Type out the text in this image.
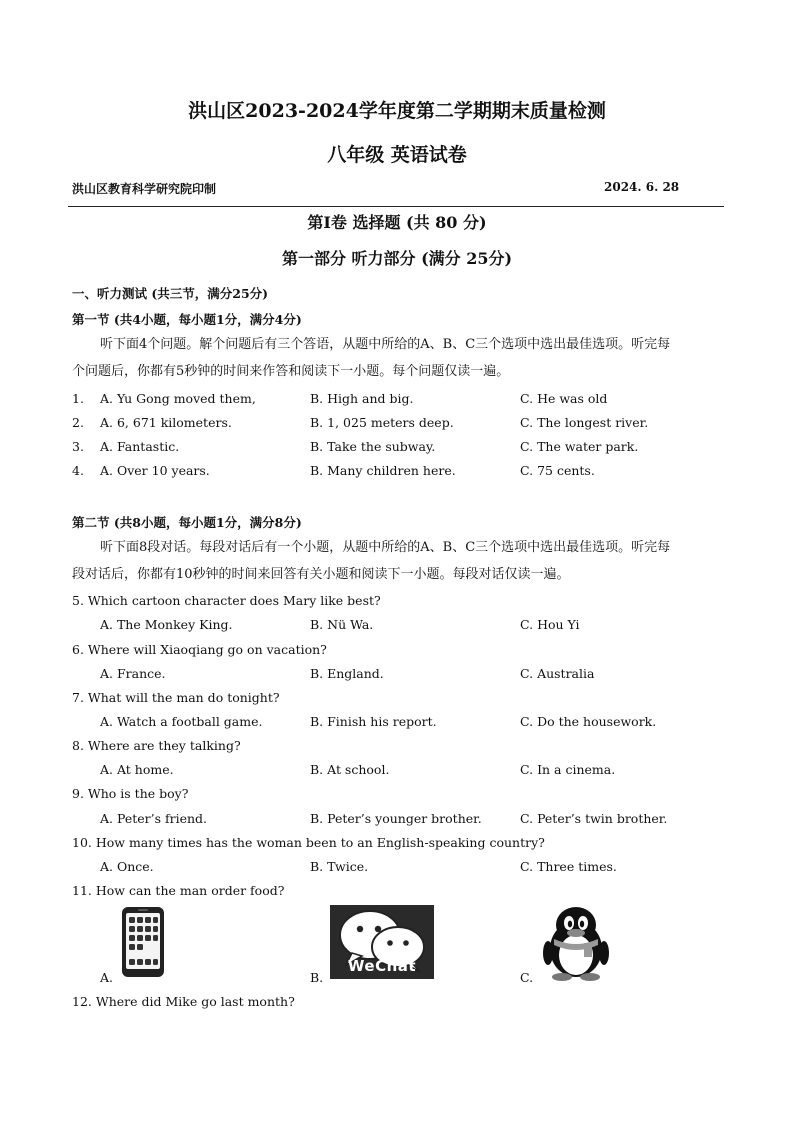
洪山区2023-2024学年度第二学期期末质量检测
八年级 英语试卷
洪山区教育科学研究院印制	2024. 6. 28
第Ⅰ卷 选择题 (共 80 分)
第一部分 听力部分 (满分 25分)
一、听力测试 (共三节，满分25分)
第一节 (共4小题，每小题1分，满分4分)
听下面4个问题。解个问题后有三个答语，从题中所给的A、B、C三个选项中选出最佳选项。听完每
个问题后，你都有5秒钟的时间来作答和阅读下一小题。每个问题仅读一遍。
1. A. Yu Gong moved them,	B. High and big.	C. He was old
2. A. 6, 671 kilometers.	B. 1, 025 meters deep.	C. The longest river.
3. A. Fantastic.	B. Take the subway.	C. The water park.
4. A. Over 10 years.	B. Many children here.	C. 75 cents.
第二节 (共8小题，每小题1分，满分8分)
听下面8段对话。每段对话后有一个小题，从题中所给的A、B、C三个选项中选出最佳选项。听完每
段对话后，你都有10秒钟的时间来回答有关小题和阅读下一小题。每段对话仅读一遍。
5. Which cartoon character does Mary like best?
A. The Monkey King.	B. Nü Wa.	C. Hou Yi
6. Where will Xiaoqiang go on vacation?
A. France.	B. England.	C. Australia
7. What will the man do tonight?
A. Watch a football game.	B. Finish his report.	C. Do the housework.
8. Where are they talking?
A. At home.	B. At school.	C. In a cinema.
9. Who is the boy?
A. Peter’s friend.	B. Peter’s younger brother.	C. Peter’s twin brother.
10. How many times has the woman been to an English-speaking country?
A. Once.	B. Twice.	C. Three times.
11. How can the man order food?
A.	B.	C.
WeChat
12. Where did Mike go last month?
